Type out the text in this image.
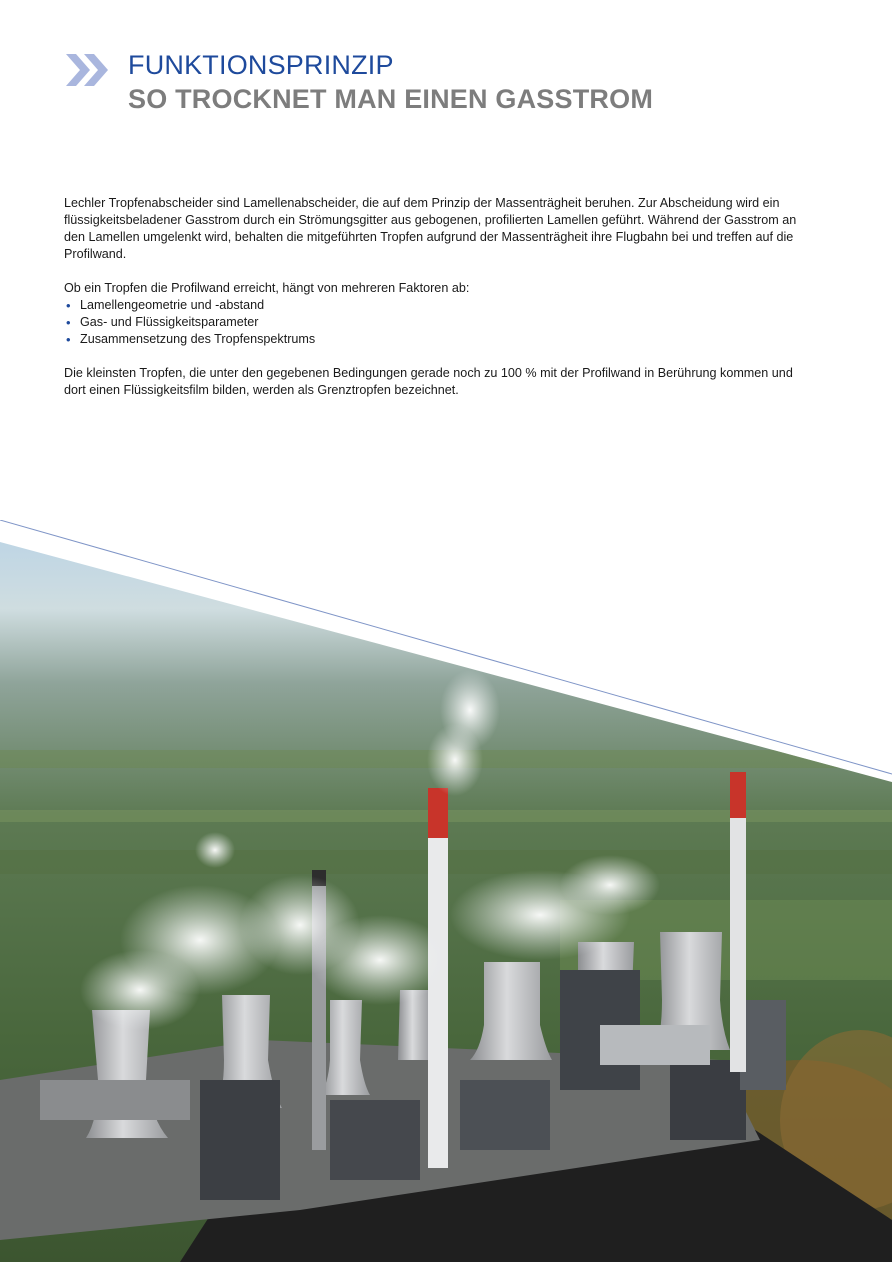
FUNKTIONSPRINZIP
SO TROCKNET MAN EINEN GASSTROM

Lechler Tropfenabscheider sind Lamellenabscheider, die auf dem Prinzip der Massenträgheit beruhen. Zur Abscheidung wird ein flüssigkeitsbeladener Gasstrom durch ein Strömungsgitter aus gebogenen, profilierten Lamellen geführt. Während der Gasstrom an den Lamellen umgelenkt wird, behalten die mitgeführten Tropfen aufgrund der Massenträgheit ihre Flugbahn bei und treffen auf die Profilwand.

Ob ein Tropfen die Profilwand erreicht, hängt von mehreren Faktoren ab:
• Lamellengeometrie und -abstand
• Gas- und Flüssigkeitsparameter
• Zusammensetzung des Tropfenspektrums

Die kleinsten Tropfen, die unter den gegebenen Bedingungen gerade noch zu 100 % mit der Profilwand in Berührung kommen und dort einen Flüssigkeitsfilm bilden, werden als Grenztropfen bezeichnet.
